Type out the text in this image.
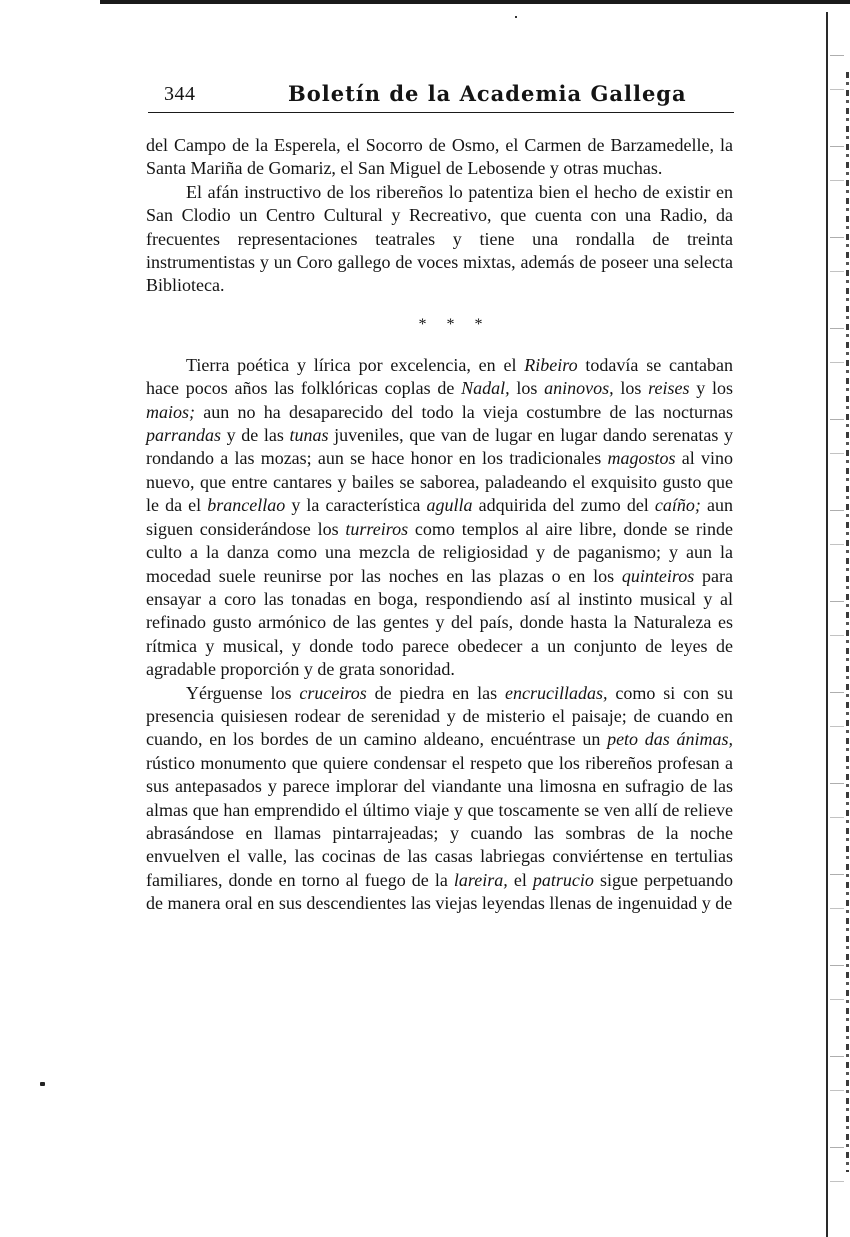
344	Boletín de la Academia Gallega

del Campo de la Esperela, el Socorro de Osmo, el Carmen de Barzamedelle, la Santa Mariña de Gomariz, el San Miguel de Lebosende y otras muchas.

El afán instructivo de los ribereños lo patentiza bien el hecho de existir en San Clodio un Centro Cultural y Recreativo, que cuenta con una Radio, da frecuentes representaciones teatrales y tiene una rondalla de treinta instrumentistas y un Coro gallego de voces mixtas, además de poseer una selecta Biblioteca.

* * *

Tierra poética y lírica por excelencia, en el Ribeiro todavía se cantaban hace pocos años las folklóricas coplas de Nadal, los aninovos, los reises y los maios; aun no ha desaparecido del todo la vieja costumbre de las nocturnas parrandas y de las tunas juveniles, que van de lugar en lugar dando serenatas y rondando a las mozas; aun se hace honor en los tradicionales magostos al vino nuevo, que entre cantares y bailes se saborea, paladeando el exquisito gusto que le da el brancellao y la característica agulla adquirida del zumo del caíño; aun siguen considerándose los turreiros como templos al aire libre, donde se rinde culto a la danza como una mezcla de religiosidad y de paganismo; y aun la mocedad suele reunirse por las noches en las plazas o en los quinteiros para ensayar a coro las tonadas en boga, respondiendo así al instinto musical y al refinado gusto armónico de las gentes y del país, donde hasta la Naturaleza es rítmica y musical, y donde todo parece obedecer a un conjunto de leyes de agradable proporción y de grata sonoridad.

Yérguense los cruceiros de piedra en las encrucilladas, como si con su presencia quisiesen rodear de serenidad y de misterio el paisaje; de cuando en cuando, en los bordes de un camino aldeano, encuéntrase un peto das ánimas, rústico monumento que quiere condensar el respeto que los ribereños profesan a sus antepasados y parece implorar del viandante una limosna en sufragio de las almas que han emprendido el último viaje y que toscamente se ven allí de relieve abrasándose en llamas pintarrajeadas; y cuando las sombras de la noche envuelven el valle, las cocinas de las casas labriegas conviértense en tertulias familiares, donde en torno al fuego de la lareira, el patrucio sigue perpetuando de manera oral en sus descendientes las viejas leyendas llenas de ingenuidad y de
